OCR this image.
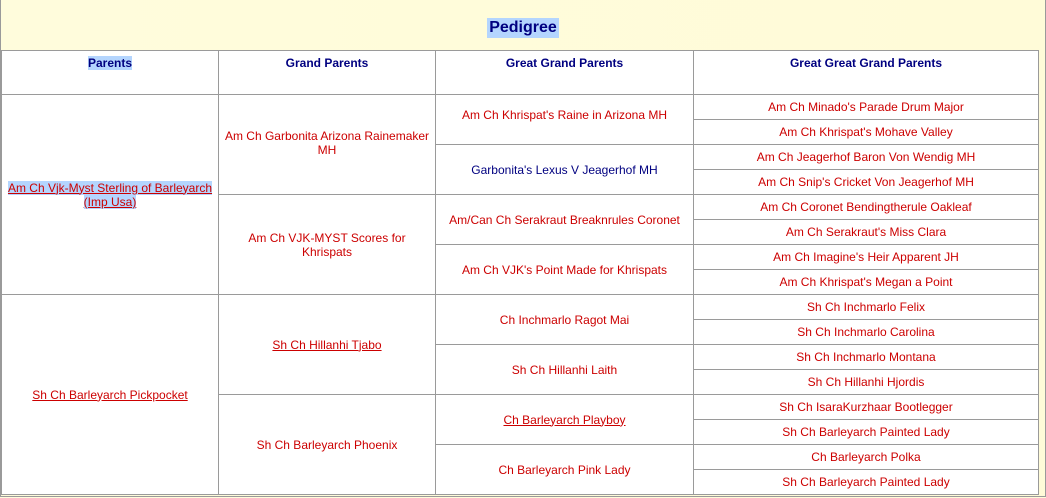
Pedigree
Parents	Grand Parents	Great Grand Parents	Great Great Grand Parents
Am Ch Vjk-Myst Sterling of Barleyarch (Imp Usa)	Am Ch Garbonita Arizona Rainemaker MH	Am Ch Khrispat's Raine in Arizona MH	Am Ch Minado's Parade Drum Major
			Am Ch Khrispat's Mohave Valley
		Garbonita's Lexus V Jeagerhof MH	Am Ch Jeagerhof Baron Von Wendig MH
			Am Ch Snip's Cricket Von Jeagerhof MH
	Am Ch VJK-MYST Scores for Khrispats	Am/Can Ch Serakraut Breaknrules Coronet	Am Ch Coronet Bendingtherule Oakleaf
			Am Ch Serakraut's Miss Clara
		Am Ch VJK's Point Made for Khrispats	Am Ch Imagine's Heir Apparent JH
			Am Ch Khrispat's Megan a Point
Sh Ch Barleyarch Pickpocket	Sh Ch Hillanhi Tjabo	Ch Inchmarlo Ragot Mai	Sh Ch Inchmarlo Felix
			Sh Ch Inchmarlo Carolina
		Sh Ch Hillanhi Laith	Sh Ch Inchmarlo Montana
			Sh Ch Hillanhi Hjordis
	Sh Ch Barleyarch Phoenix	Ch Barleyarch Playboy	Sh Ch IsaraKurzhaar Bootlegger
			Sh Ch Barleyarch Painted Lady
		Ch Barleyarch Pink Lady	Ch Barleyarch Polka
			Sh Ch Barleyarch Painted Lady
